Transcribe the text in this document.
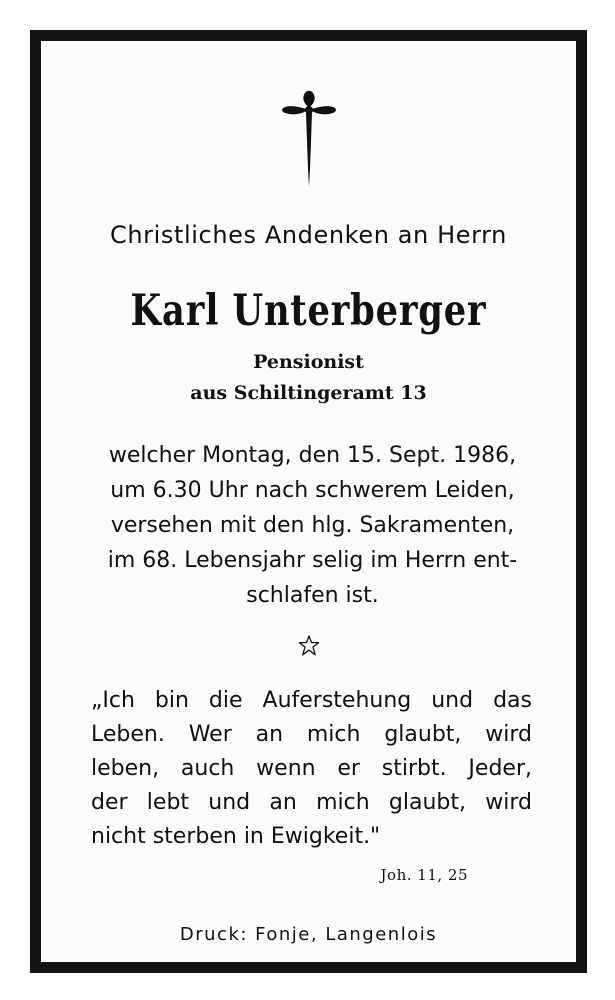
Christliches Andenken an Herrn
Karl Unterberger
Pensionist
aus Schiltingeramt 13
welcher Montag, den 15. Sept. 1986,
um 6.30 Uhr nach schwerem Leiden,
versehen mit den hlg. Sakramenten,
im 68. Lebensjahr selig im Herrn ent-
schlafen ist.
„Ich bin die Auferstehung und das
Leben. Wer an mich glaubt, wird
leben, auch wenn er stirbt. Jeder,
der lebt und an mich glaubt, wird
nicht sterben in Ewigkeit."
Joh. 11, 25
Druck: Fonje, Langenlois
